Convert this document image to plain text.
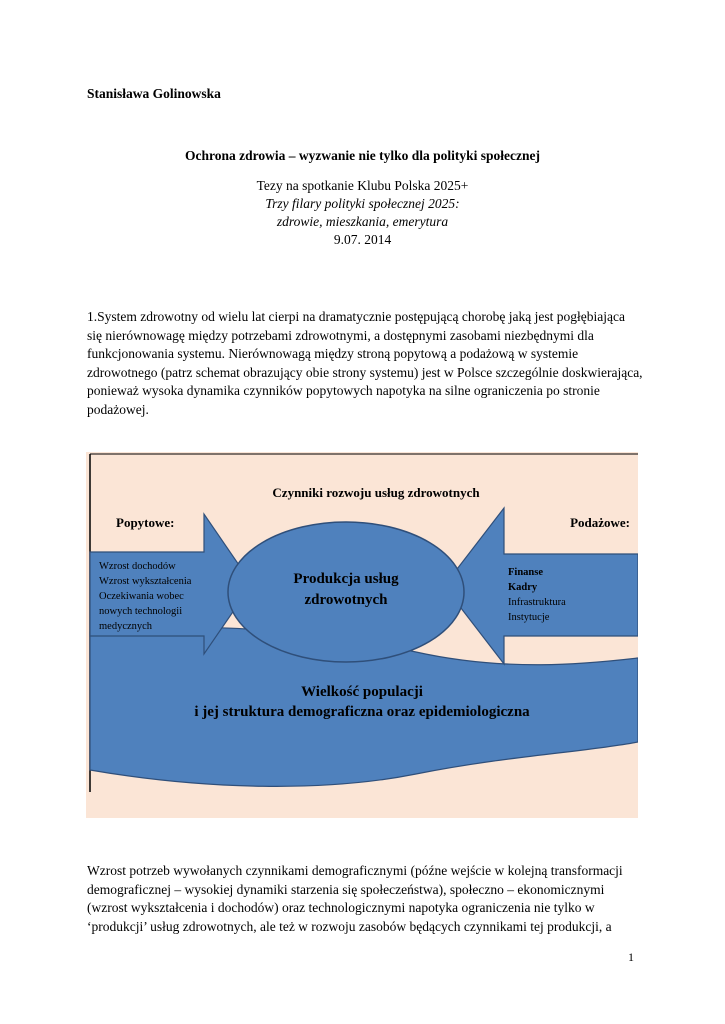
Stanisława Golinowska
Ochrona zdrowia – wyzwanie nie tylko dla polityki społecznej
Tezy na spotkanie Klubu Polska 2025+
Trzy filary polityki społecznej 2025:
zdrowie, mieszkania, emerytura
9.07. 2014
1.System zdrowotny od wielu lat cierpi na dramatycznie postępującą chorobę jaką jest pogłębiająca
się nierównowagę między potrzebami zdrowotnymi, a dostępnymi zasobami niezbędnymi dla
funkcjonowania systemu. Nierównowagą między stroną popytową a podażową w systemie
zdrowotnego (patrz schemat obrazujący obie strony systemu) jest w Polsce szczególnie doskwierająca,
ponieważ wysoka dynamika czynników popytowych napotyka na silne ograniczenia po stronie
podażowej.
Czynniki rozwoju usług zdrowotnych
Popytowe:	Podażowe:
Wzrost dochodów
Wzrost wykształcenia
Oczekiwania wobec
nowych technologii
medycznych
Finanse
Kadry
Infrastruktura
Instytucje
Produkcja usług
zdrowotnych
Wielkość populacji
i jej struktura demograficzna oraz epidemiologiczna
Wzrost potrzeb wywołanych czynnikami demograficznymi (późne wejście w kolejną transformacji
demograficznej – wysokiej dynamiki starzenia się społeczeństwa), społeczno – ekonomicznymi
(wzrost wykształcenia i dochodów) oraz technologicznymi napotyka ograniczenia nie tylko w
‘produkcji’ usług zdrowotnych, ale też w rozwoju zasobów będących czynnikami tej produkcji, a
1
